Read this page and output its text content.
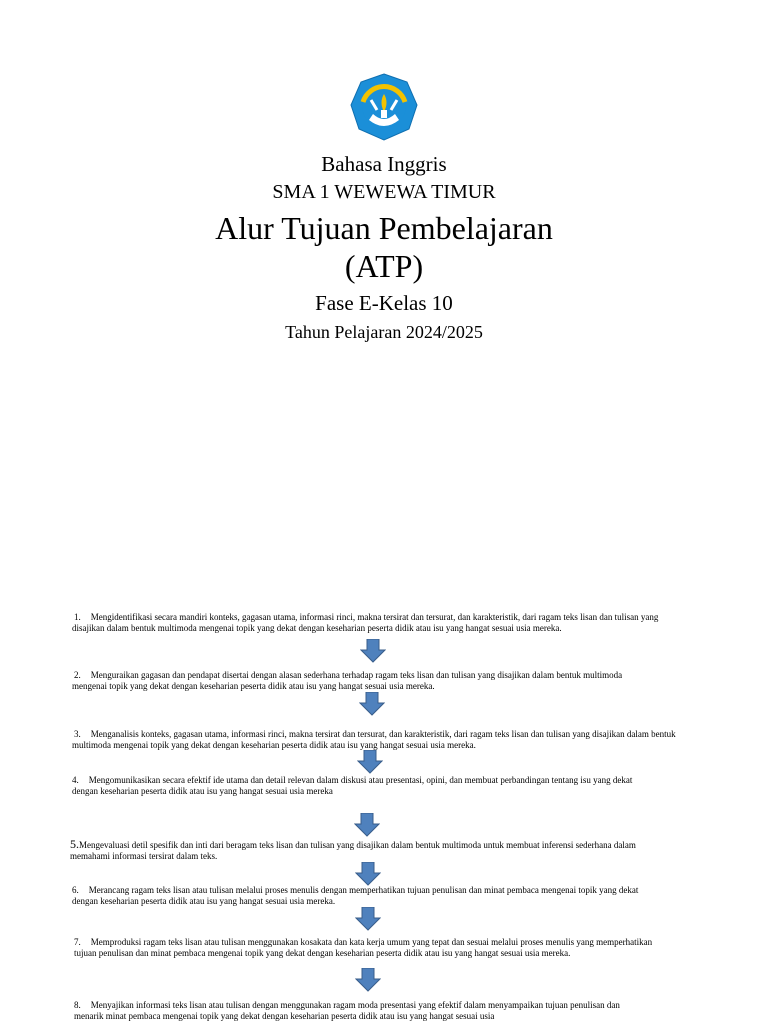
Bahasa Inggris
SMA 1 WEWEWA TIMUR
Alur Tujuan Pembelajaran
(ATP)
Fase E-Kelas 10
Tahun Pelajaran 2024/2025

1. Mengidentifikasi secara mandiri konteks, gagasan utama, informasi rinci, makna tersirat dan tersurat, dan karakteristik, dari ragam teks lisan dan tulisan yang disajikan dalam bentuk multimoda mengenai topik yang dekat dengan keseharian peserta didik atau isu yang hangat sesuai usia mereka.

2. Menguraikan gagasan dan pendapat disertai dengan alasan sederhana terhadap ragam teks lisan dan tulisan yang disajikan dalam bentuk multimoda mengenai topik yang dekat dengan keseharian peserta didik atau isu yang hangat sesuai usia mereka.

3. Menganalisis konteks, gagasan utama, informasi rinci, makna tersirat dan tersurat, dan karakteristik, dari ragam teks lisan dan tulisan yang disajikan dalam bentuk multimoda mengenai topik yang dekat dengan keseharian peserta didik atau isu yang hangat sesuai usia mereka.

4. Mengomunikasikan secara efektif ide utama dan detail relevan dalam diskusi atau presentasi, opini, dan membuat perbandingan tentang isu yang dekat dengan keseharian peserta didik atau isu yang hangat sesuai usia mereka

5.Mengevaluasi detil spesifik dan inti dari beragam teks lisan dan tulisan yang disajikan dalam bentuk multimoda untuk membuat inferensi sederhana dalam memahami informasi tersirat dalam teks.

6. Merancang ragam teks lisan atau tulisan melalui proses menulis dengan memperhatikan tujuan penulisan dan minat pembaca mengenai topik yang dekat dengan keseharian peserta didik atau isu yang hangat sesuai usia mereka.

7. Memproduksi ragam teks lisan atau tulisan menggunakan kosakata dan kata kerja umum yang tepat dan sesuai melalui proses menulis yang memperhatikan tujuan penulisan dan minat pembaca mengenai topik yang dekat dengan keseharian peserta didik atau isu yang hangat sesuai usia mereka.

8. Menyajikan informasi teks lisan atau tulisan dengan menggunakan ragam moda presentasi yang efektif dalam menyampaikan tujuan penulisan dan menarik minat pembaca mengenai topik yang dekat dengan keseharian peserta didik atau isu yang hangat sesuai usia
